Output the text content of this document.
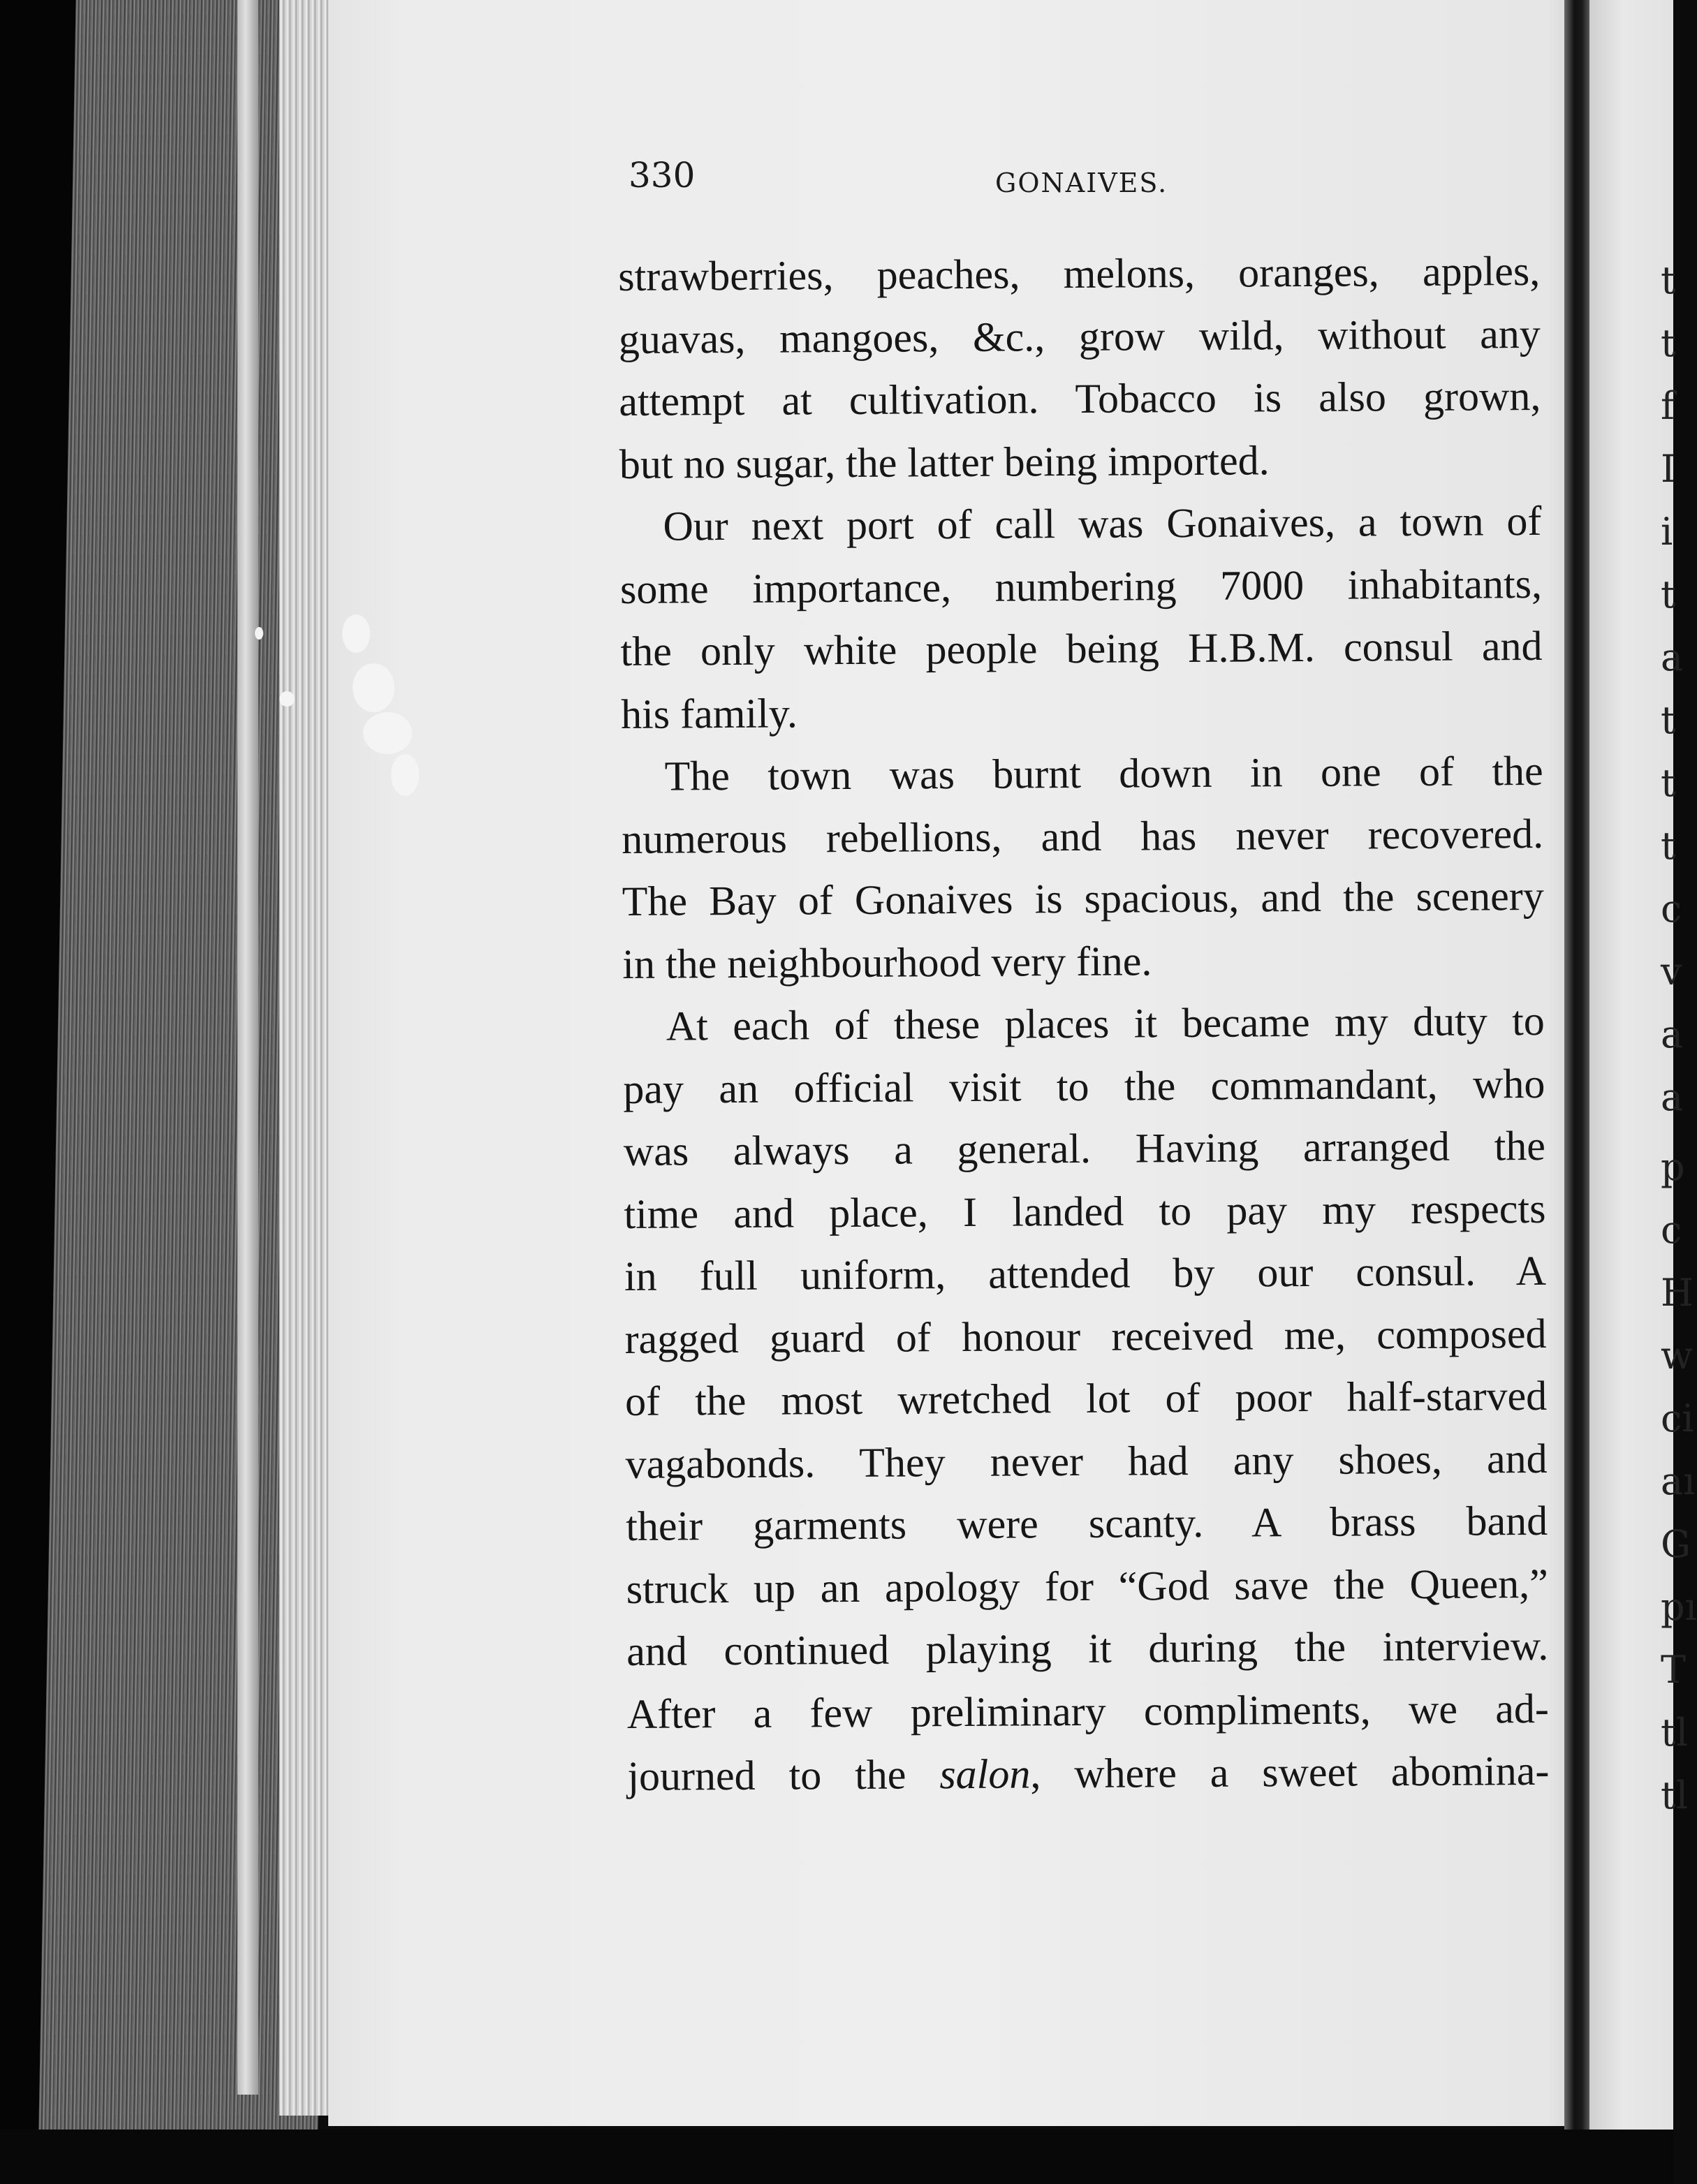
t
t
f
I
i
t
a
t
t
t
c
v
a
a
p
c
H
w
ci
aı
G
pı
T
tl
tl
330	GONAIVES.
strawberries, peaches, melons, oranges, apples,
guavas, mangoes, &c., grow wild, without any
attempt at cultivation. Tobacco is also grown,
but no sugar, the latter being imported.
Our next port of call was Gonaives, a town of
some importance, numbering 7000 inhabitants,
the only white people being H.B.M. consul and
his family.
The town was burnt down in one of the
numerous rebellions, and has never recovered.
The Bay of Gonaives is spacious, and the scenery
in the neighbourhood very fine.
At each of these places it became my duty to
pay an official visit to the commandant, who
was always a general. Having arranged the
time and place, I landed to pay my respects
in full uniform, attended by our consul. A
ragged guard of honour received me, composed
of the most wretched lot of poor half-starved
vagabonds. They never had any shoes, and
their garments were scanty. A brass band
struck up an apology for “God save the Queen,”
and continued playing it during the interview.
After a few preliminary compliments, we ad-
journed to the salon, where a sweet abomina-
